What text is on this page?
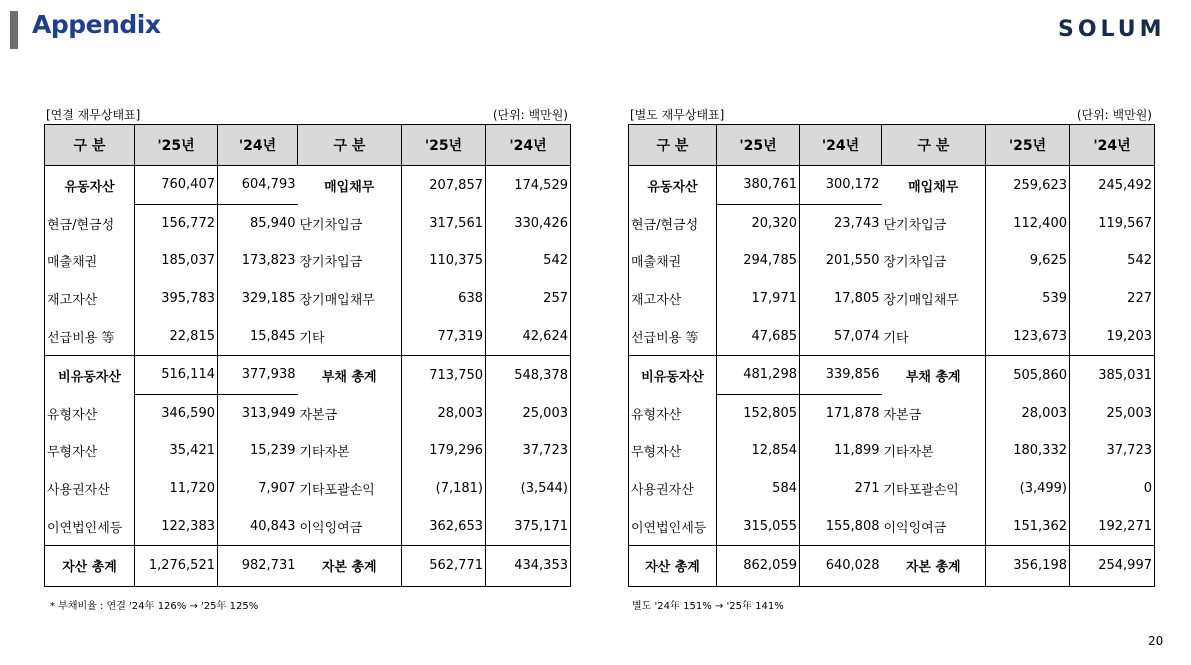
Appendix	SOLUM
[연결 재무상태표]	(단위: 백만원)
구 분	'25년	'24년	구 분	'25년	'24년
유동자산	760,407	604,793	매입채무	207,857	174,529
현금/현금성	156,772	85,940	단기차입금	317,561	330,426
매출채권	185,037	173,823	장기차입금	110,375	542
재고자산	395,783	329,185	장기매입채무	638	257
선급비용 等	22,815	15,845	기타	77,319	42,624
비유동자산	516,114	377,938	부채 총계	713,750	548,378
유형자산	346,590	313,949	자본금	28,003	25,003
무형자산	35,421	15,239	기타자본	179,296	37,723
사용권자산	11,720	7,907	기타포괄손익	(7,181)	(3,544)
이연법인세등	122,383	40,843	이익잉여금	362,653	375,171
자산 총계	1,276,521	982,731	자본 총계	562,771	434,353
[별도 재무상태표]	(단위: 백만원)
구 분	'25년	'24년	구 분	'25년	'24년
유동자산	380,761	300,172	매입채무	259,623	245,492
현금/현금성	20,320	23,743	단기차입금	112,400	119,567
매출채권	294,785	201,550	장기차입금	9,625	542
재고자산	17,971	17,805	장기매입채무	539	227
선급비용 等	47,685	57,074	기타	123,673	19,203
비유동자산	481,298	339,856	부채 총계	505,860	385,031
유형자산	152,805	171,878	자본금	28,003	25,003
무형자산	12,854	11,899	기타자본	180,332	37,723
사용권자산	584	271	기타포괄손익	(3,499)	0
이연법인세등	315,055	155,808	이익잉여금	151,362	192,271
자산 총계	862,059	640,028	자본 총계	356,198	254,997
* 부채비율 : 연결 '24年 126% → '25年 125%	별도 '24年 151% → '25年 141%
20
